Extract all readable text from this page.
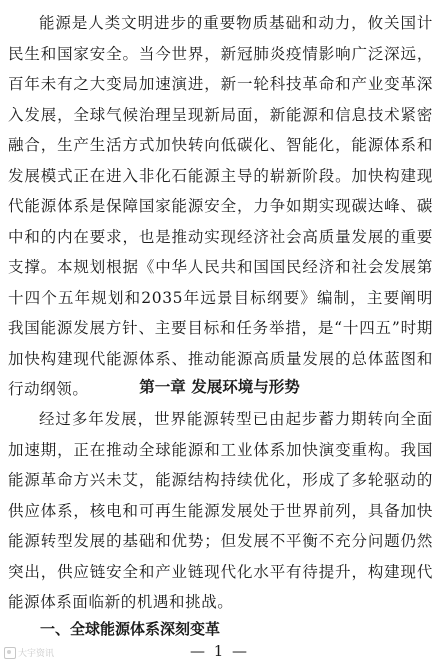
能源是人类文明进步的重要物质基础和动力，攸关国计民生和国家安全。当今世界，新冠肺炎疫情影响广泛深远，百年未有之大变局加速演进，新一轮科技革命和产业变革深入发展，全球气候治理呈现新局面，新能源和信息技术紧密融合，生产生活方式加快转向低碳化、智能化，能源体系和发展模式正在进入非化石能源主导的崭新阶段。加快构建现代能源体系是保障国家能源安全，力争如期实现碳达峰、碳中和的内在要求，也是推动实现经济社会高质量发展的重要支撑。本规划根据《中华人民共和国国民经济和社会发展第十四个五年规划和2035年远景目标纲要》编制，主要阐明我国能源发展方针、主要目标和任务举措，是“十四五”时期加快构建现代能源体系、推动能源高质量发展的总体蓝图和行动纲领。	第一章 发展环境与形势

经过多年发展，世界能源转型已由起步蓄力期转向全面加速期，正在推动全球能源和工业体系加快演变重构。我国能源革命方兴未艾，能源结构持续优化，形成了多轮驱动的供应体系，核电和可再生能源发展处于世界前列，具备加快能源转型发展的基础和优势；但发展不平衡不充分问题仍然突出，供应链安全和产业链现代化水平有待提升，构建现代能源体系面临新的机遇和挑战。

一、全球能源体系深刻变革
— 1 —
大宇资讯
